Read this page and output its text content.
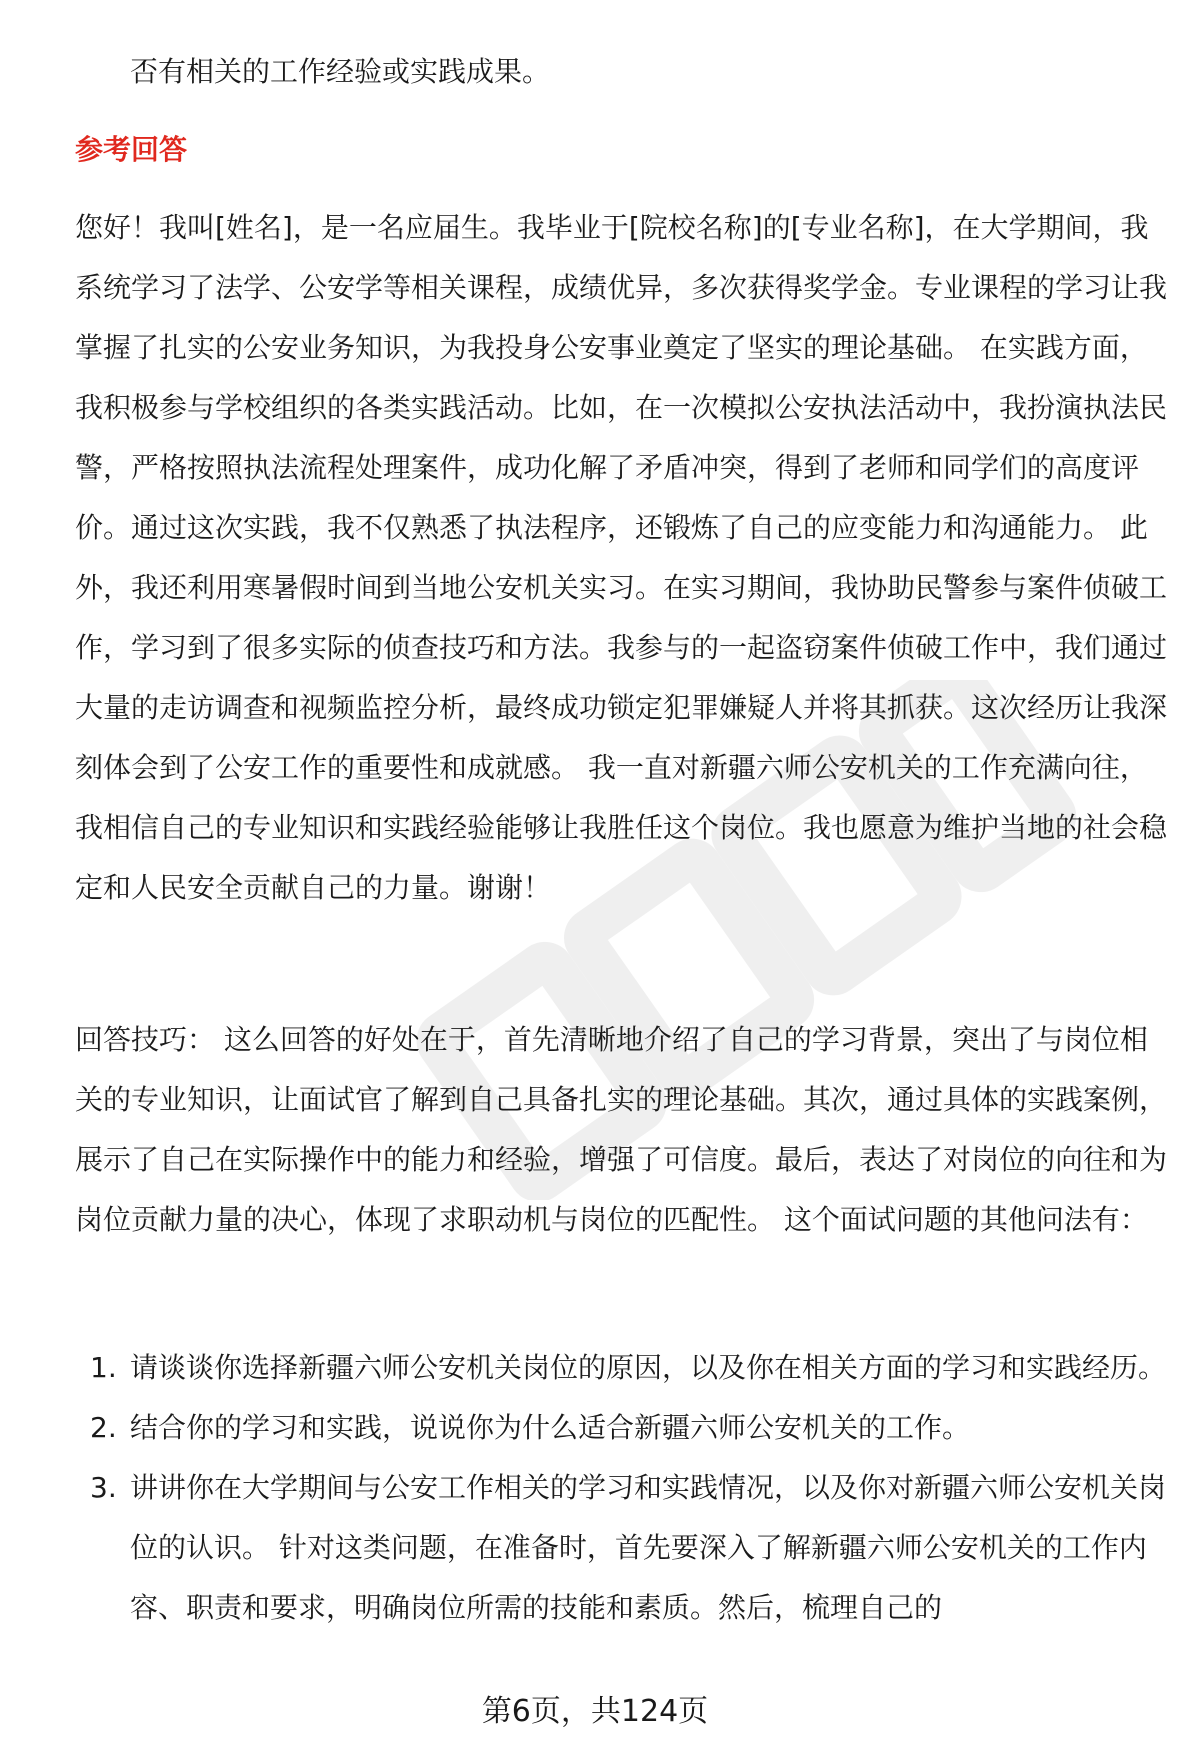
否有相关的工作经验或实践成果。
参考回答
您好！我叫[姓名]，是一名应届生。我毕业于[院校名称]的[专业名称]，在大学期间，我系统学习了法学、公安学等相关课程，成绩优异，多次获得奖学金。专业课程的学习让我掌握了扎实的公安业务知识，为我投身公安事业奠定了坚实的理论基础。 在实践方面，我积极参与学校组织的各类实践活动。比如，在一次模拟公安执法活动中，我扮演执法民警，严格按照执法流程处理案件，成功化解了矛盾冲突，得到了老师和同学们的高度评价。通过这次实践，我不仅熟悉了执法程序，还锻炼了自己的应变能力和沟通能力。 此外，我还利用寒暑假时间到当地公安机关实习。在实习期间，我协助民警参与案件侦破工作，学习到了很多实际的侦查技巧和方法。我参与的一起盗窃案件侦破工作中，我们通过大量的走访调查和视频监控分析，最终成功锁定犯罪嫌疑人并将其抓获。这次经历让我深刻体会到了公安工作的重要性和成就感。 我一直对新疆六师公安机关的工作充满向往，我相信自己的专业知识和实践经验能够让我胜任这个岗位。我也愿意为维护当地的社会稳定和人民安全贡献自己的力量。谢谢！
回答技巧： 这么回答的好处在于，首先清晰地介绍了自己的学习背景，突出了与岗位相关的专业知识，让面试官了解到自己具备扎实的理论基础。其次，通过具体的实践案例，展示了自己在实际操作中的能力和经验，增强了可信度。最后，表达了对岗位的向往和为岗位贡献力量的决心，体现了求职动机与岗位的匹配性。 这个面试问题的其他问法有：
1. 请谈谈你选择新疆六师公安机关岗位的原因，以及你在相关方面的学习和实践经历。
2. 结合你的学习和实践，说说你为什么适合新疆六师公安机关的工作。
3. 讲讲你在大学期间与公安工作相关的学习和实践情况，以及你对新疆六师公安机关岗位的认识。 针对这类问题，在准备时，首先要深入了解新疆六师公安机关的工作内容、职责和要求，明确岗位所需的技能和素质。然后，梳理自己的
第6页，共124页
